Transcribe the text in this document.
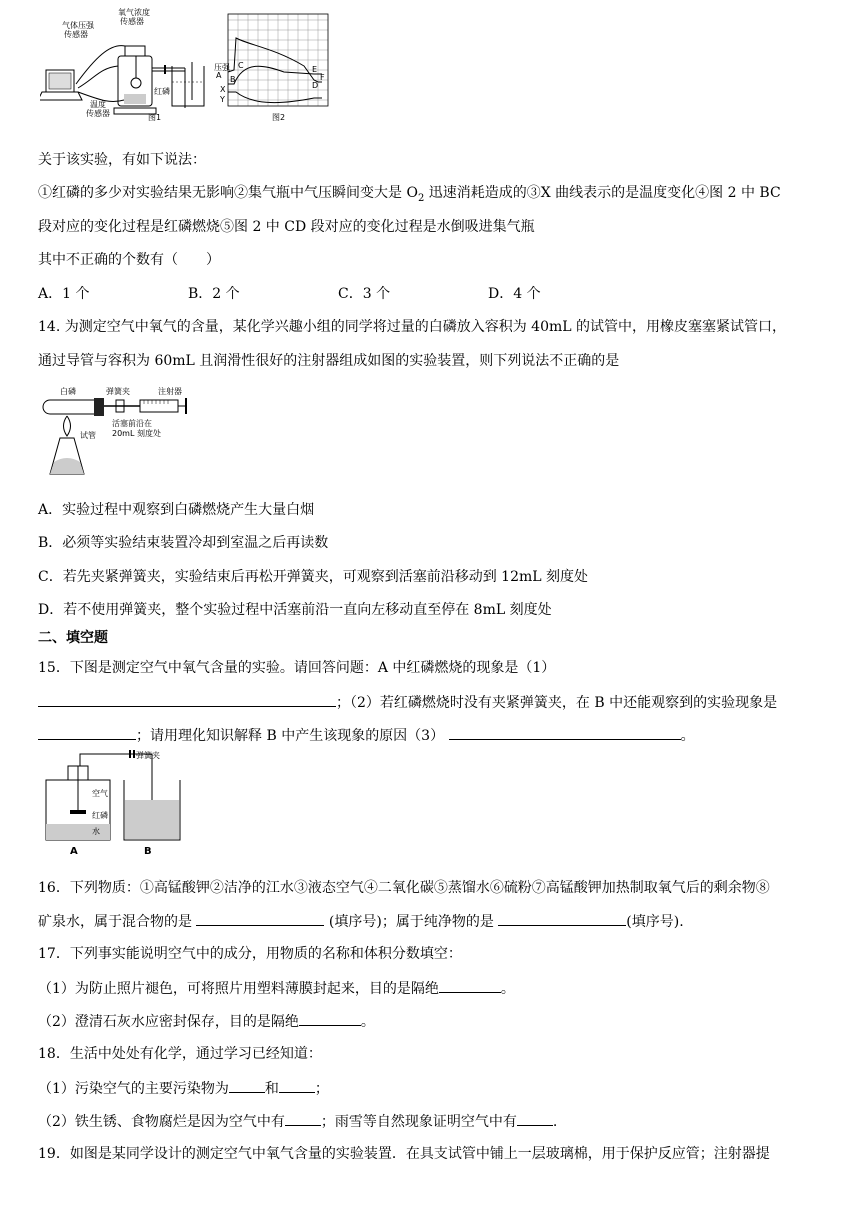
氧气浓度
传感器
气体压强
传感器
温度
传感器
红磷
图1
压强
A B
C
X
Y
D
E
F
图2
关于该实验，有如下说法：
①红磷的多少对实验结果无影响②集气瓶中气压瞬间变大是 $O_2$ 迅速消耗造成的③X 曲线表示的是温度变化④图 2 中 BC
段对应的变化过程是红磷燃烧⑤图 2 中 CD 段对应的变化过程是水倒吸进集气瓶
其中不正确的个数有（　　）
A．1 个	B．2 个	C．3 个	D．4 个
14. 为测定空气中氧气的含量，某化学兴趣小组的同学将过量的白磷放入容积为 40mL 的试管中，用橡皮塞塞紧试管口，
通过导管与容积为 60mL 且润滑性很好的注射器组成如图的实验装置，则下列说法不正确的是
白磷	弹簧夹	注射器
试管
活塞前沿在
20mL 刻度处
A．实验过程中观察到白磷燃烧产生大量白烟
B．必须等实验结束装置冷却到室温之后再读数
C．若先夹紧弹簧夹，实验结束后再松开弹簧夹，可观察到活塞前沿移动到 12mL 刻度处
D．若不使用弹簧夹，整个实验过程中活塞前沿一直向左移动直至停在 8mL 刻度处
二、填空题
15．下图是测定空气中氧气含量的实验。请回答问题：A 中红磷燃烧的现象是（1）
；（2）若红磷燃烧时没有夹紧弹簧夹，在 B 中还能观察到的实验现象是
；请用理化知识解释 B 中产生该现象的原因（3）	。
弹簧夹
空气
红磷
水
A	B
16．下列物质：①高锰酸钾②洁净的江水③液态空气④二氧化碳⑤蒸馏水⑥硫粉⑦高锰酸钾加热制取氧气后的剩余物⑧
矿泉水，属于混合物的是	(填序号)；属于纯净物的是	(填序号).
17．下列事实能说明空气中的成分，用物质的名称和体积分数填空：
（1）为防止照片褪色，可将照片用塑料薄膜封起来，目的是隔绝	。
（2）澄清石灰水应密封保存，目的是隔绝	。
18．生活中处处有化学，通过学习已经知道：
（1）污染空气的主要污染物为	和	；
（2）铁生锈、食物腐烂是因为空气中有	；雨雪等自然现象证明空气中有	.
19．如图是某同学设计的测定空气中氧气含量的实验装置．在具支试管中铺上一层玻璃棉，用于保护反应管；注射器提
